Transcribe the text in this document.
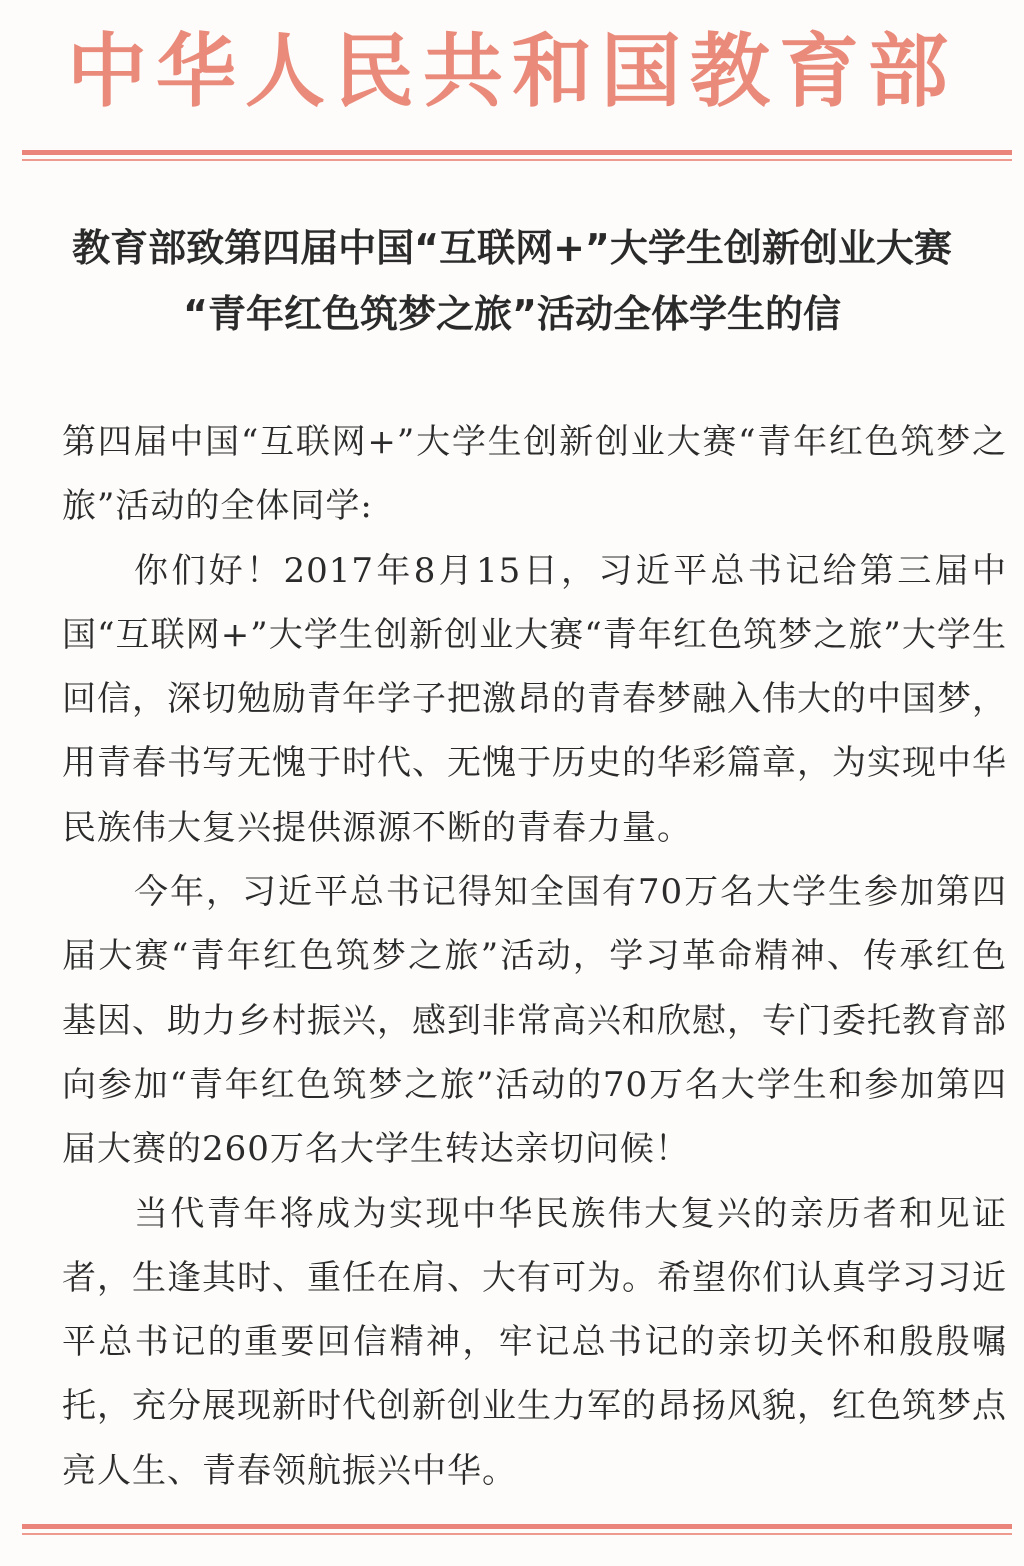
中华人民共和国教育部
教育部致第四届中国“互联网+”大学生创新创业大赛
“青年红色筑梦之旅”活动全体学生的信

第四届中国“互联网+”大学生创新创业大赛“青年红色筑梦之旅”活动的全体同学:

你们好！2017年8月15日，习近平总书记给第三届中国“互联网+”大学生创新创业大赛“青年红色筑梦之旅”大学生回信，深切勉励青年学子把激昂的青春梦融入伟大的中国梦，用青春书写无愧于时代、无愧于历史的华彩篇章，为实现中华民族伟大复兴提供源源不断的青春力量。

今年，习近平总书记得知全国有70万名大学生参加第四届大赛“青年红色筑梦之旅”活动，学习革命精神、传承红色基因、助力乡村振兴，感到非常高兴和欣慰，专门委托教育部向参加“青年红色筑梦之旅”活动的70万名大学生和参加第四届大赛的260万名大学生转达亲切问候！

当代青年将成为实现中华民族伟大复兴的亲历者和见证者，生逢其时、重任在肩、大有可为。希望你们认真学习习近平总书记的重要回信精神，牢记总书记的亲切关怀和殷殷嘱托，充分展现新时代创新创业生力军的昂扬风貌，红色筑梦点亮人生、青春领航振兴中华。
